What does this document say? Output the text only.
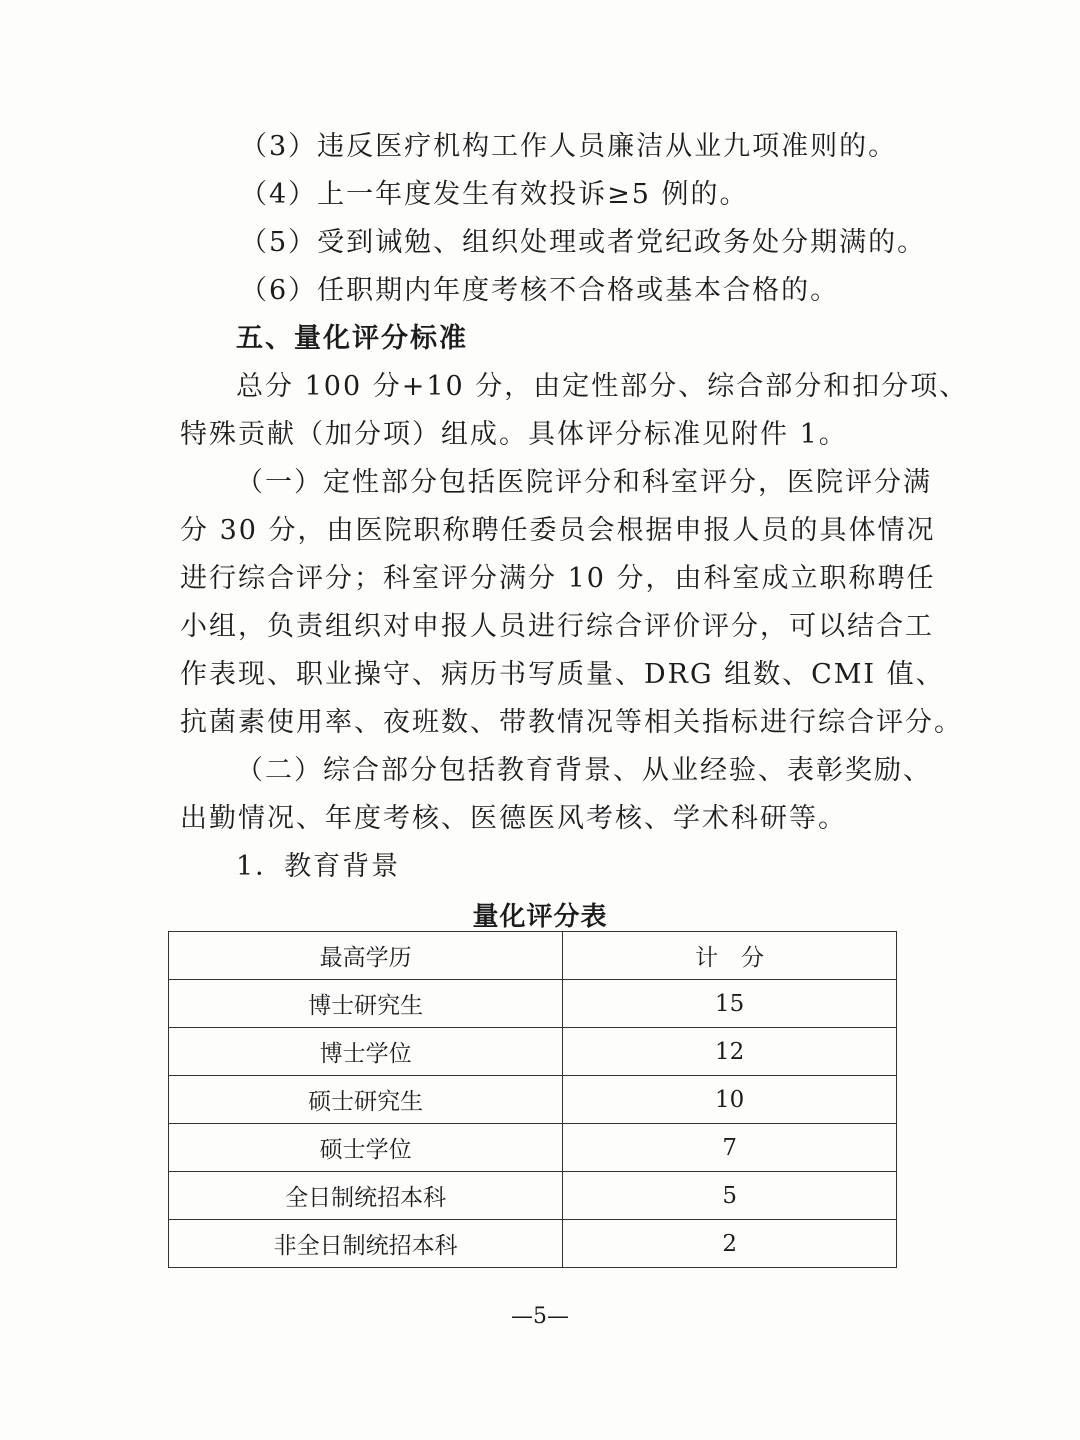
（3）违反医疗机构工作人员廉洁从业九项准则的。
（4）上一年度发生有效投诉≥5 例的。
（5）受到诫勉、组织处理或者党纪政务处分期满的。
（6）任职期内年度考核不合格或基本合格的。
五、量化评分标准
总分 100 分+10 分，由定性部分、综合部分和扣分项、
特殊贡献（加分项）组成。具体评分标准见附件 1。
（一）定性部分包括医院评分和科室评分，医院评分满
分 30 分，由医院职称聘任委员会根据申报人员的具体情况
进行综合评分；科室评分满分 10 分，由科室成立职称聘任
小组，负责组织对申报人员进行综合评价评分，可以结合工
作表现、职业操守、病历书写质量、DRG 组数、CMI 值、
抗菌素使用率、夜班数、带教情况等相关指标进行综合评分。
（二）综合部分包括教育背景、从业经验、表彰奖励、
出勤情况、年度考核、医德医风考核、学术科研等。
1．教育背景
量化评分表
最高学历	计　分
博士研究生	15
博士学位	12
硕士研究生	10
硕士学位	7
全日制统招本科	5
非全日制统招本科	2
—5—
